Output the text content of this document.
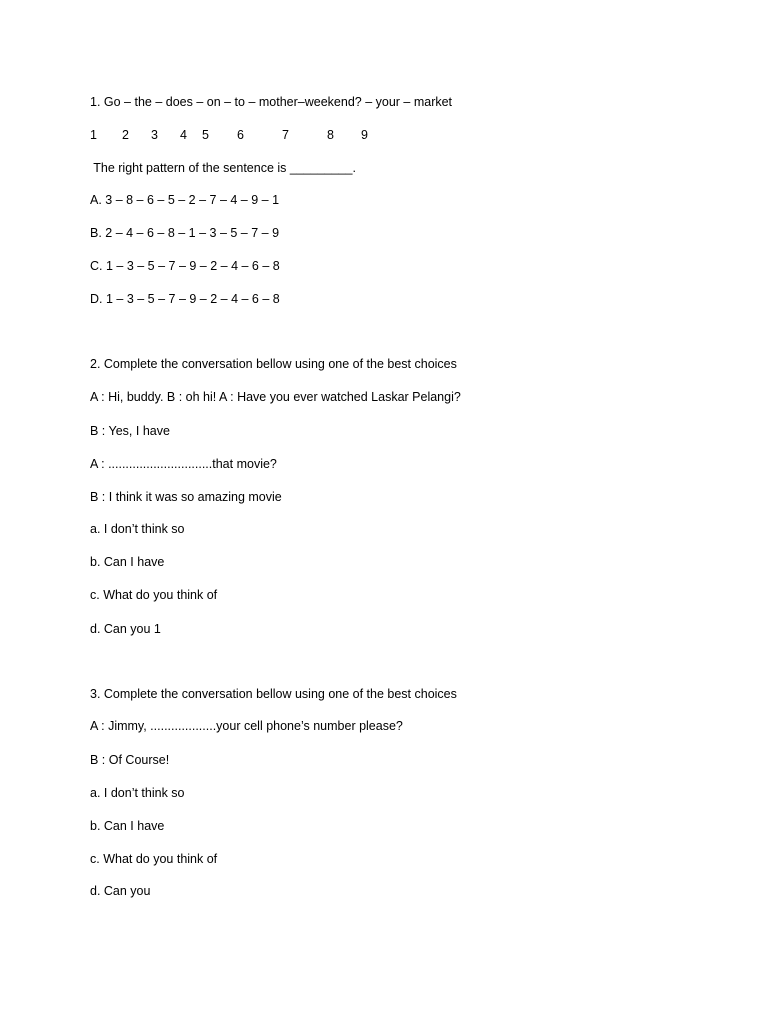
1. Go – the – does – on – to – mother–weekend? – your – market
1 2 3 4 5 6	7	8 9
The right pattern of the sentence is _________.
A. 3 – 8 – 6 – 5 – 2 – 7 – 4 – 9 – 1
B. 2 – 4 – 6 – 8 – 1 – 3 – 5 – 7 – 9
C. 1 – 3 – 5 – 7 – 9 – 2 – 4 – 6 – 8
D. 1 – 3 – 5 – 7 – 9 – 2 – 4 – 6 – 8
2. Complete the conversation bellow using one of the best choices
A : Hi, buddy. B : oh hi! A : Have you ever watched Laskar Pelangi?
B : Yes, I have
A : ..............................that movie?
B : I think it was so amazing movie
a. I don’t think so
b. Can I have
c. What do you think of
d. Can you 1
3. Complete the conversation bellow using one of the best choices
A : Jimmy, ...................your cell phone’s number please?
B : Of Course!
a. I don’t think so
b. Can I have
c. What do you think of
d. Can you
